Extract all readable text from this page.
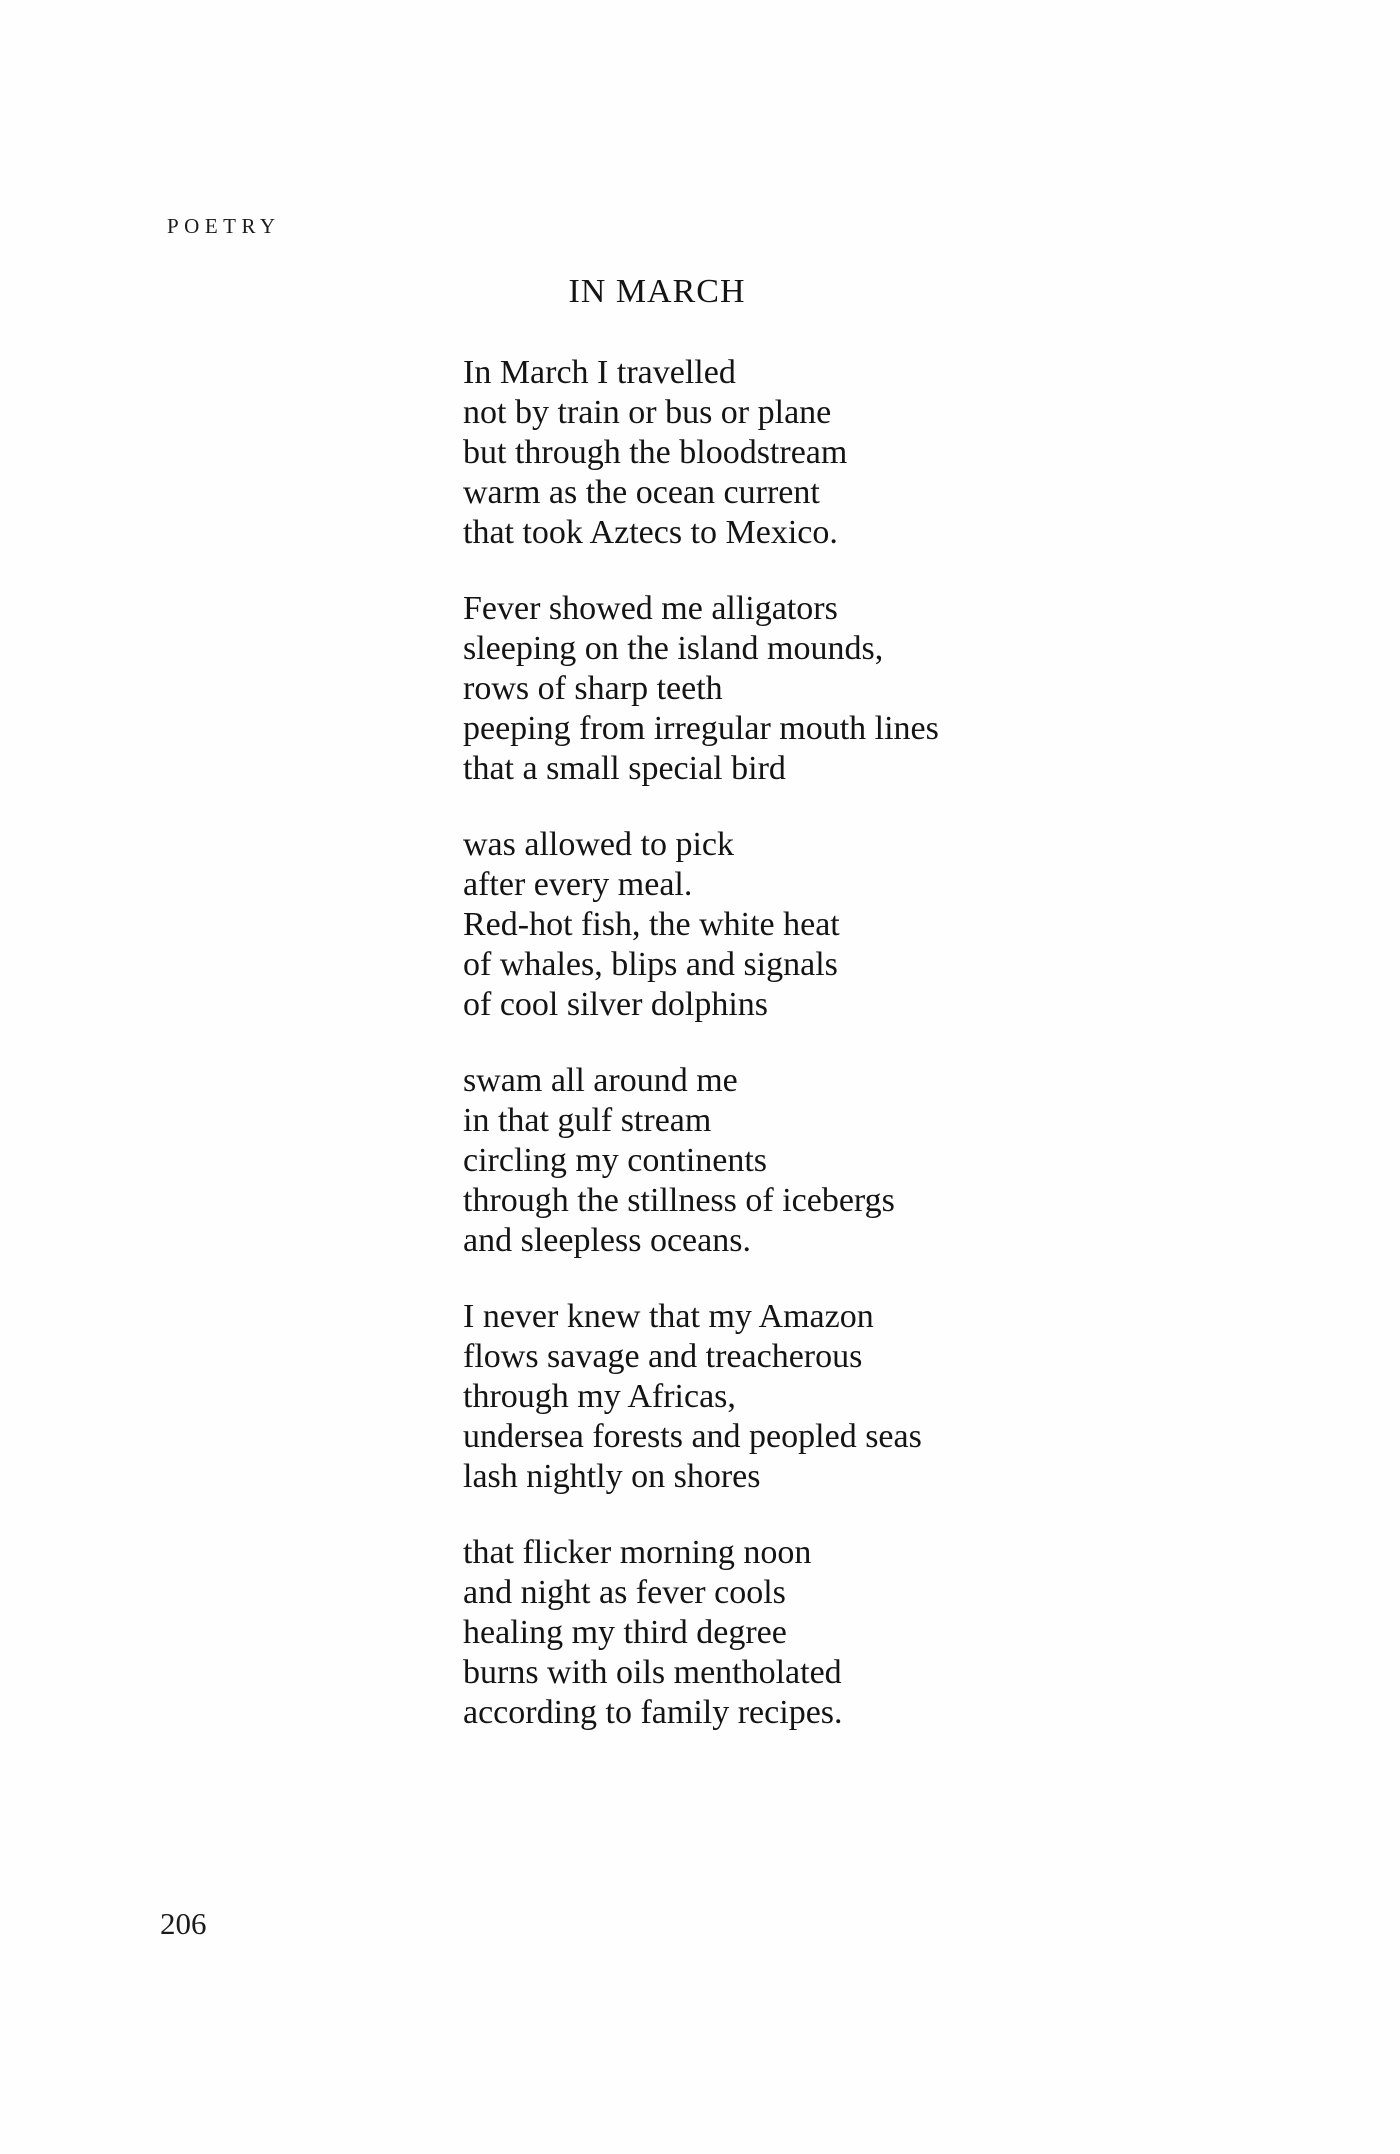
POETRY
IN MARCH
In March I travelled
not by train or bus or plane
but through the bloodstream
warm as the ocean current
that took Aztecs to Mexico.
Fever showed me alligators
sleeping on the island mounds,
rows of sharp teeth
peeping from irregular mouth lines
that a small special bird
was allowed to pick
after every meal.
Red-hot fish, the white heat
of whales, blips and signals
of cool silver dolphins
swam all around me
in that gulf stream
circling my continents
through the stillness of icebergs
and sleepless oceans.
I never knew that my Amazon
flows savage and treacherous
through my Africas,
undersea forests and peopled seas
lash nightly on shores
that flicker morning noon
and night as fever cools
healing my third degree
burns with oils mentholated
according to family recipes.
206
